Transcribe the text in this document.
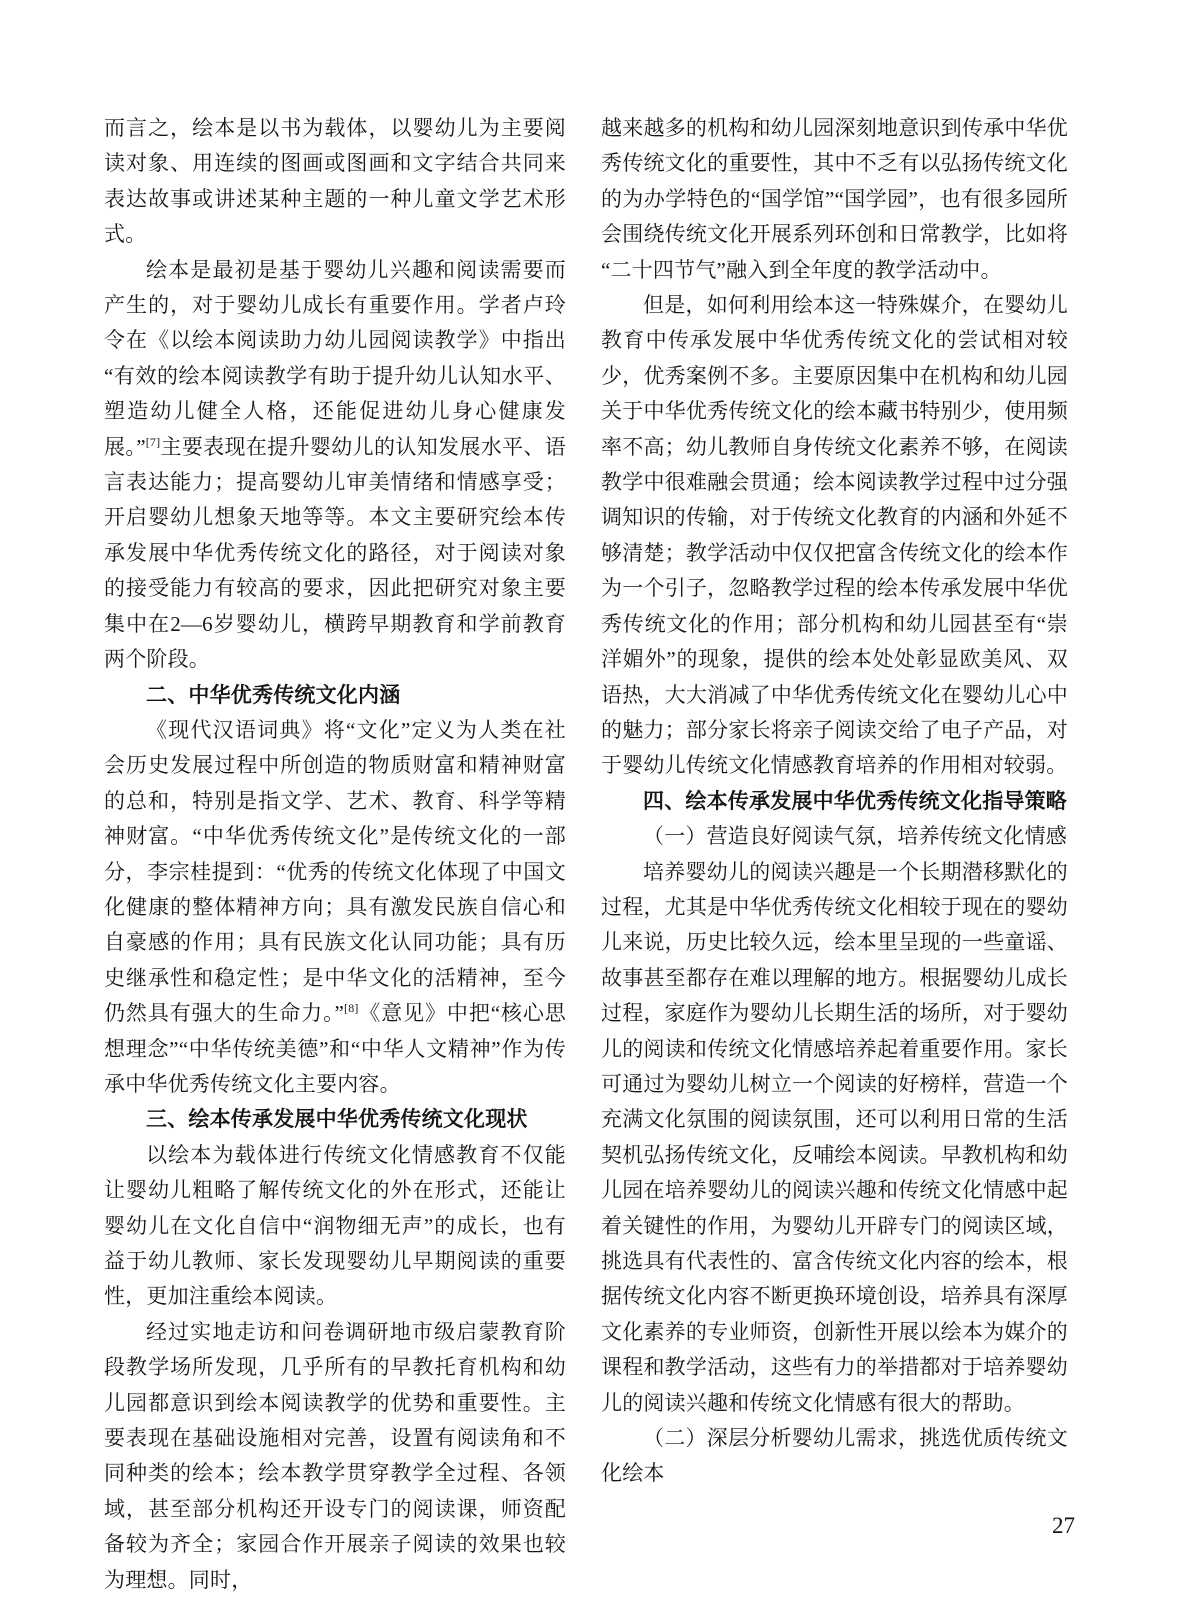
而言之，绘本是以书为载体，以婴幼儿为主要阅读对象、用连续的图画或图画和文字结合共同来表达故事或讲述某种主题的一种儿童文学艺术形式。

绘本是最初是基于婴幼儿兴趣和阅读需要而产生的，对于婴幼儿成长有重要作用。学者卢玲令在《以绘本阅读助力幼儿园阅读教学》中指出“有效的绘本阅读教学有助于提升幼儿认知水平、塑造幼儿健全人格，还能促进幼儿身心健康发展。”[7]主要表现在提升婴幼儿的认知发展水平、语言表达能力；提高婴幼儿审美情绪和情感享受；开启婴幼儿想象天地等等。本文主要研究绘本传承发展中华优秀传统文化的路径，对于阅读对象的接受能力有较高的要求，因此把研究对象主要集中在2—6岁婴幼儿，横跨早期教育和学前教育两个阶段。

二、中华优秀传统文化内涵

《现代汉语词典》将“文化”定义为人类在社会历史发展过程中所创造的物质财富和精神财富的总和，特别是指文学、艺术、教育、科学等精神财富。“中华优秀传统文化”是传统文化的一部分，李宗桂提到：“优秀的传统文化体现了中国文化健康的整体精神方向；具有激发民族自信心和自豪感的作用；具有民族文化认同功能；具有历史继承性和稳定性；是中华文化的活精神，至今仍然具有强大的生命力。”[8]《意见》中把“核心思想理念”“中华传统美德”和“中华人文精神”作为传承中华优秀传统文化主要内容。

三、绘本传承发展中华优秀传统文化现状

以绘本为载体进行传统文化情感教育不仅能让婴幼儿粗略了解传统文化的外在形式，还能让婴幼儿在文化自信中“润物细无声”的成长，也有益于幼儿教师、家长发现婴幼儿早期阅读的重要性，更加注重绘本阅读。

经过实地走访和问卷调研地市级启蒙教育阶段教学场所发现，几乎所有的早教托育机构和幼儿园都意识到绘本阅读教学的优势和重要性。主要表现在基础设施相对完善，设置有阅读角和不同种类的绘本；绘本教学贯穿教学全过程、各领域，甚至部分机构还开设专门的阅读课，师资配备较为齐全；家园合作开展亲子阅读的效果也较为理想。同时，

越来越多的机构和幼儿园深刻地意识到传承中华优秀传统文化的重要性，其中不乏有以弘扬传统文化的为办学特色的“国学馆”“国学园”，也有很多园所会围绕传统文化开展系列环创和日常教学，比如将“二十四节气”融入到全年度的教学活动中。

但是，如何利用绘本这一特殊媒介，在婴幼儿教育中传承发展中华优秀传统文化的尝试相对较少，优秀案例不多。主要原因集中在机构和幼儿园关于中华优秀传统文化的绘本藏书特别少，使用频率不高；幼儿教师自身传统文化素养不够，在阅读教学中很难融会贯通；绘本阅读教学过程中过分强调知识的传输，对于传统文化教育的内涵和外延不够清楚；教学活动中仅仅把富含传统文化的绘本作为一个引子，忽略教学过程的绘本传承发展中华优秀传统文化的作用；部分机构和幼儿园甚至有“崇洋媚外”的现象，提供的绘本处处彰显欧美风、双语热，大大消减了中华优秀传统文化在婴幼儿心中的魅力；部分家长将亲子阅读交给了电子产品，对于婴幼儿传统文化情感教育培养的作用相对较弱。

四、绘本传承发展中华优秀传统文化指导策略

（一）营造良好阅读气氛，培养传统文化情感

培养婴幼儿的阅读兴趣是一个长期潜移默化的过程，尤其是中华优秀传统文化相较于现在的婴幼儿来说，历史比较久远，绘本里呈现的一些童谣、故事甚至都存在难以理解的地方。根据婴幼儿成长过程，家庭作为婴幼儿长期生活的场所，对于婴幼儿的阅读和传统文化情感培养起着重要作用。家长可通过为婴幼儿树立一个阅读的好榜样，营造一个充满文化氛围的阅读氛围，还可以利用日常的生活契机弘扬传统文化，反哺绘本阅读。早教机构和幼儿园在培养婴幼儿的阅读兴趣和传统文化情感中起着关键性的作用，为婴幼儿开辟专门的阅读区域，挑选具有代表性的、富含传统文化内容的绘本，根据传统文化内容不断更换环境创设，培养具有深厚文化素养的专业师资，创新性开展以绘本为媒介的课程和教学活动，这些有力的举措都对于培养婴幼儿的阅读兴趣和传统文化情感有很大的帮助。

（二）深层分析婴幼儿需求，挑选优质传统文化绘本

27
